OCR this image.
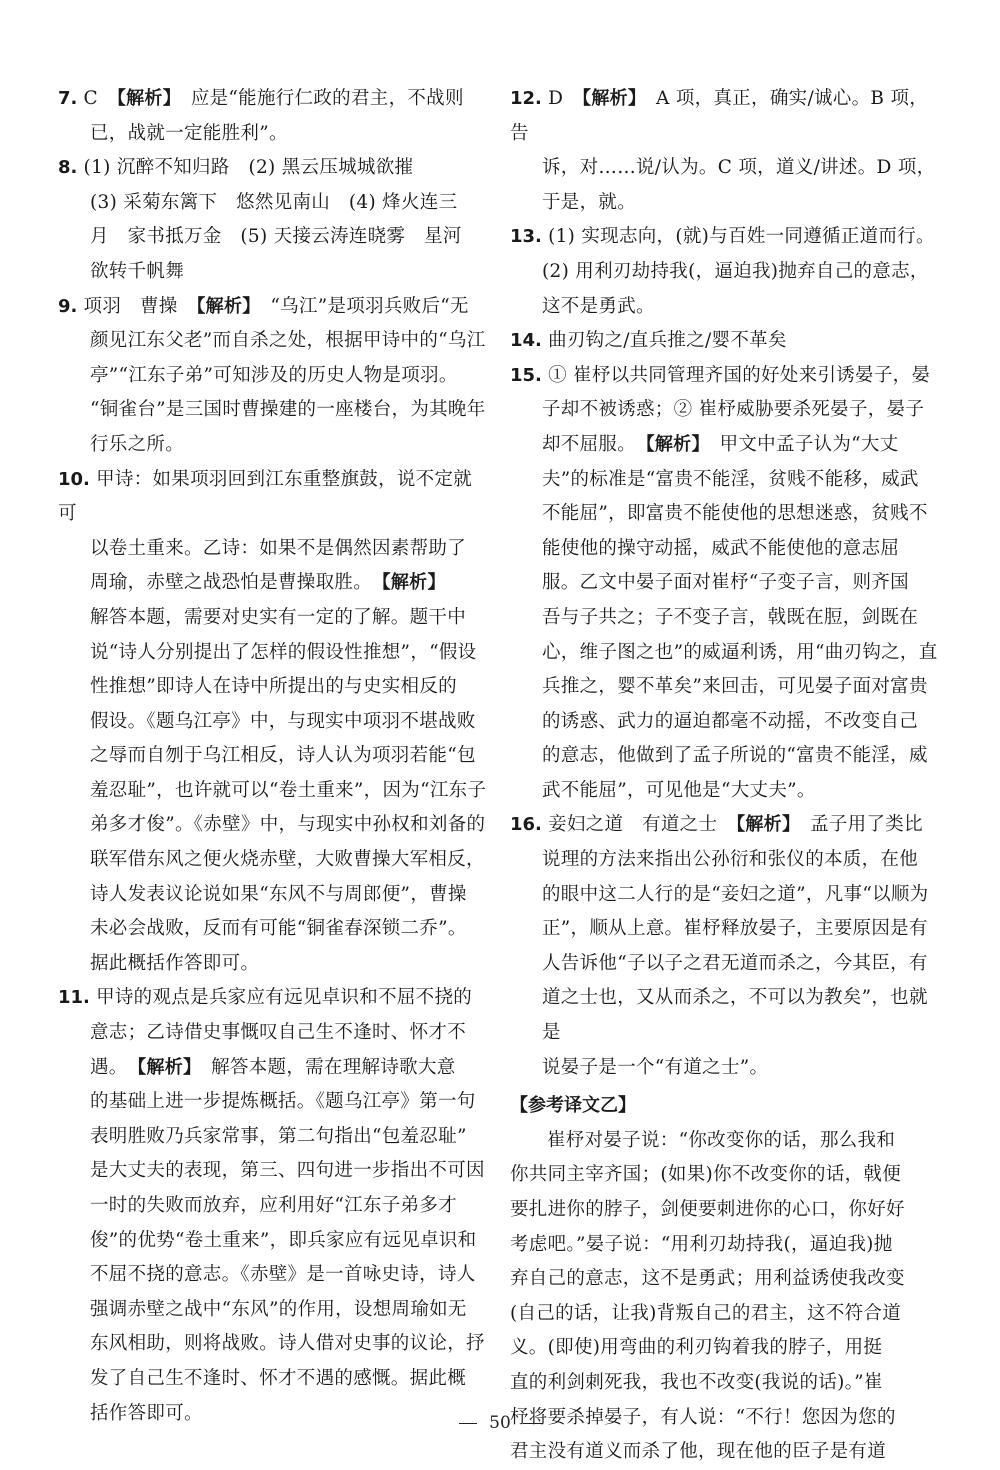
7. C　【解析】　应是“能施行仁政的君主，不战则
已，战就一定能胜利”。
8. (1) 沉醉不知归路　(2) 黑云压城城欲摧
(3) 采菊东篱下　悠然见南山　(4) 烽火连三
月　家书抵万金　(5) 天接云涛连晓雾　星河
欲转千帆舞
9. 项羽　曹操　【解析】　“乌江”是项羽兵败后“无
颜见江东父老”而自杀之处，根据甲诗中的“乌江
亭”“江东子弟”可知涉及的历史人物是项羽。
“铜雀台”是三国时曹操建的一座楼台，为其晚年
行乐之所。
10. 甲诗：如果项羽回到江东重整旗鼓，说不定就可
以卷土重来。乙诗：如果不是偶然因素帮助了
周瑜，赤壁之战恐怕是曹操取胜。　【解析】
解答本题，需要对史实有一定的了解。题干中
说“诗人分别提出了怎样的假设性推想”，“假设
性推想”即诗人在诗中所提出的与史实相反的
假设。《题乌江亭》中，与现实中项羽不堪战败
之辱而自刎于乌江相反，诗人认为项羽若能“包
羞忍耻”，也许就可以“卷土重来”，因为“江东子
弟多才俊”。《赤壁》中，与现实中孙权和刘备的
联军借东风之便火烧赤壁，大败曹操大军相反，
诗人发表议论说如果“东风不与周郎便”，曹操
未必会战败，反而有可能“铜雀春深锁二乔”。
据此概括作答即可。
11. 甲诗的观点是兵家应有远见卓识和不屈不挠的
意志；乙诗借史事慨叹自己生不逢时、怀才不
遇。　【解析】　解答本题，需在理解诗歌大意
的基础上进一步提炼概括。《题乌江亭》第一句
表明胜败乃兵家常事，第二句指出“包羞忍耻”
是大丈夫的表现，第三、四句进一步指出不可因
一时的失败而放弃，应利用好“江东子弟多才
俊”的优势“卷土重来”，即兵家应有远见卓识和
不屈不挠的意志。《赤壁》是一首咏史诗，诗人
强调赤壁之战中“东风”的作用，设想周瑜如无
东风相助，则将战败。诗人借对史事的议论，抒
发了自己生不逢时、怀才不遇的感慨。据此概
括作答即可。
12. D　【解析】　A 项，真正，确实/诚心。B 项，告
诉，对……说/认为。C 项，道义/讲述。D 项，
于是，就。
13. (1) 实现志向，(就)与百姓一同遵循正道而行。
(2) 用利刃劫持我(，逼迫我)抛弃自己的意志，
这不是勇武。
14. 曲刃钩之/直兵推之/婴不革矣
15. ① 崔杼以共同管理齐国的好处来引诱晏子，晏
子却不被诱惑；② 崔杼威胁要杀死晏子，晏子
却不屈服。　【解析】　甲文中孟子认为“大丈
夫”的标准是“富贵不能淫，贫贱不能移，威武
不能屈”，即富贵不能使他的思想迷惑，贫贱不
能使他的操守动摇，威武不能使他的意志屈
服。乙文中晏子面对崔杼“子变子言，则齐国
吾与子共之；子不变子言，戟既在脰，剑既在
心，维子图之也”的威逼利诱，用“曲刃钩之，直
兵推之，婴不革矣”来回击，可见晏子面对富贵
的诱惑、武力的逼迫都毫不动摇，不改变自己
的意志，他做到了孟子所说的“富贵不能淫，威
武不能屈”，可见他是“大丈夫”。
16. 妾妇之道　有道之士　【解析】　孟子用了类比
说理的方法来指出公孙衍和张仪的本质，在他
的眼中这二人行的是“妾妇之道”，凡事“以顺为
正”，顺从上意。崔杼释放晏子，主要原因是有
人告诉他“子以子之君无道而杀之，今其臣，有
道之士也，又从而杀之，不可以为教矣”，也就是
说晏子是一个“有道之士”。
【参考译文乙】
崔杼对晏子说：“你改变你的话，那么我和
你共同主宰齐国；(如果)你不改变你的话，戟便
要扎进你的脖子，剑便要刺进你的心口，你好好
考虑吧。”晏子说：“用利刃劫持我(，逼迫我)抛
弃自己的意志，这不是勇武；用利益诱使我改变
(自己的话，让我)背叛自己的君主，这不符合道
义。(即使)用弯曲的利刃钩着我的脖子，用挺
直的利剑刺死我，我也不改变(我说的话)。”崔
杼将要杀掉晏子，有人说：“不行！您因为您的
君主没有道义而杀了他，现在他的臣子是有道
50
